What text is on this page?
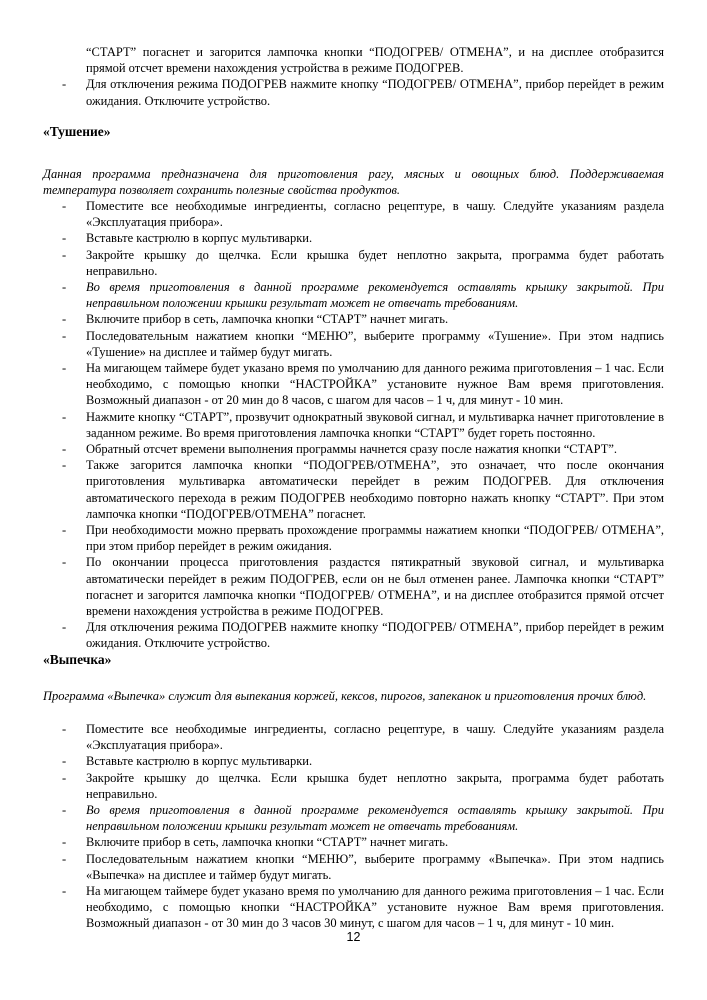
“СТАРТ” погаснет и загорится лампочка кнопки “ПОДОГРЕВ/ ОТМЕНА”, и на дисплее отобразится прямой отсчет времени нахождения устройства в режиме ПОДОГРЕВ.
-	Для отключения режима ПОДОГРЕВ нажмите кнопку “ПОДОГРЕВ/ ОТМЕНА”, прибор перейдет в режим ожидания. Отключите устройство.
«Тушение»
Данная программа предназначена для приготовления рагу, мясных и овощных блюд. Поддерживаемая температура позволяет сохранить полезные свойства продуктов.
-	Поместите все необходимые ингредиенты, согласно рецептуре, в чашу. Следуйте указаниям раздела «Эксплуатация прибора».
-	Вставьте кастрюлю в корпус мультиварки.
-	Закройте крышку до щелчка. Если крышка будет неплотно закрыта, программа будет работать неправильно.
-	Во время приготовления в данной программе рекомендуется оставлять крышку закрытой. При неправильном положении крышки результат может не отвечать требованиям.
-	Включите прибор в сеть, лампочка кнопки “СТАРТ” начнет мигать.
-	Последовательным нажатием кнопки “МЕНЮ”, выберите программу «Тушение». При этом надпись «Тушение» на дисплее и таймер будут мигать.
-	На мигающем таймере будет указано время по умолчанию для данного режима приготовления – 1 час. Если необходимо, с помощью кнопки “НАСТРОЙКА” установите нужное Вам время приготовления. Возможный диапазон - от 20 мин до 8 часов, с шагом для часов – 1 ч, для минут - 10 мин.
-	Нажмите кнопку “СТАРТ”, прозвучит однократный звуковой сигнал, и мультиварка начнет приготовление в заданном режиме. Во время приготовления лампочка кнопки “СТАРТ” будет гореть постоянно.
-	Обратный отсчет времени выполнения программы начнется сразу после нажатия кнопки “СТАРТ”.
-	Также загорится лампочка кнопки “ПОДОГРЕВ/ОТМЕНА”, это означает, что после окончания приготовления мультиварка автоматически перейдет в режим ПОДОГРЕВ. Для отключения автоматического перехода в режим ПОДОГРЕВ необходимо повторно нажать кнопку “СТАРТ”. При этом лампочка кнопки “ПОДОГРЕВ/ОТМЕНА” погаснет.
-	При необходимости можно прервать прохождение программы нажатием кнопки “ПОДОГРЕВ/ ОТМЕНА”, при этом прибор перейдет в режим ожидания.
-	По окончании процесса приготовления раздастся пятикратный звуковой сигнал, и мультиварка автоматически перейдет в режим ПОДОГРЕВ, если он не был отменен ранее. Лампочка кнопки “СТАРТ” погаснет и загорится лампочка кнопки “ПОДОГРЕВ/ ОТМЕНА”, и на дисплее отобразится прямой отсчет времени нахождения устройства в режиме ПОДОГРЕВ.
-	Для отключения режима ПОДОГРЕВ нажмите кнопку “ПОДОГРЕВ/ ОТМЕНА”, прибор перейдет в режим ожидания. Отключите устройство.
«Выпечка»
Программа «Выпечка» служит для выпекания коржей, кексов, пирогов, запеканок и приготовления прочих блюд.
-	Поместите все необходимые ингредиенты, согласно рецептуре, в чашу. Следуйте указаниям раздела «Эксплуатация прибора».
-	Вставьте кастрюлю в корпус мультиварки.
-	Закройте крышку до щелчка. Если крышка будет неплотно закрыта, программа будет работать неправильно.
-	Во время приготовления в данной программе рекомендуется оставлять крышку закрытой. При неправильном положении крышки результат может не отвечать требованиям.
-	Включите прибор в сеть, лампочка кнопки “СТАРТ” начнет мигать.
-	Последовательным нажатием кнопки “МЕНЮ”, выберите программу «Выпечка». При этом надпись «Выпечка» на дисплее и таймер будут мигать.
-	На мигающем таймере будет указано время по умолчанию для данного режима приготовления – 1 час. Если необходимо, с помощью кнопки “НАСТРОЙКА” установите нужное Вам время приготовления. Возможный диапазон - от 30 мин до 3 часов 30 минут, с шагом для часов – 1 ч, для минут - 10 мин.
12
